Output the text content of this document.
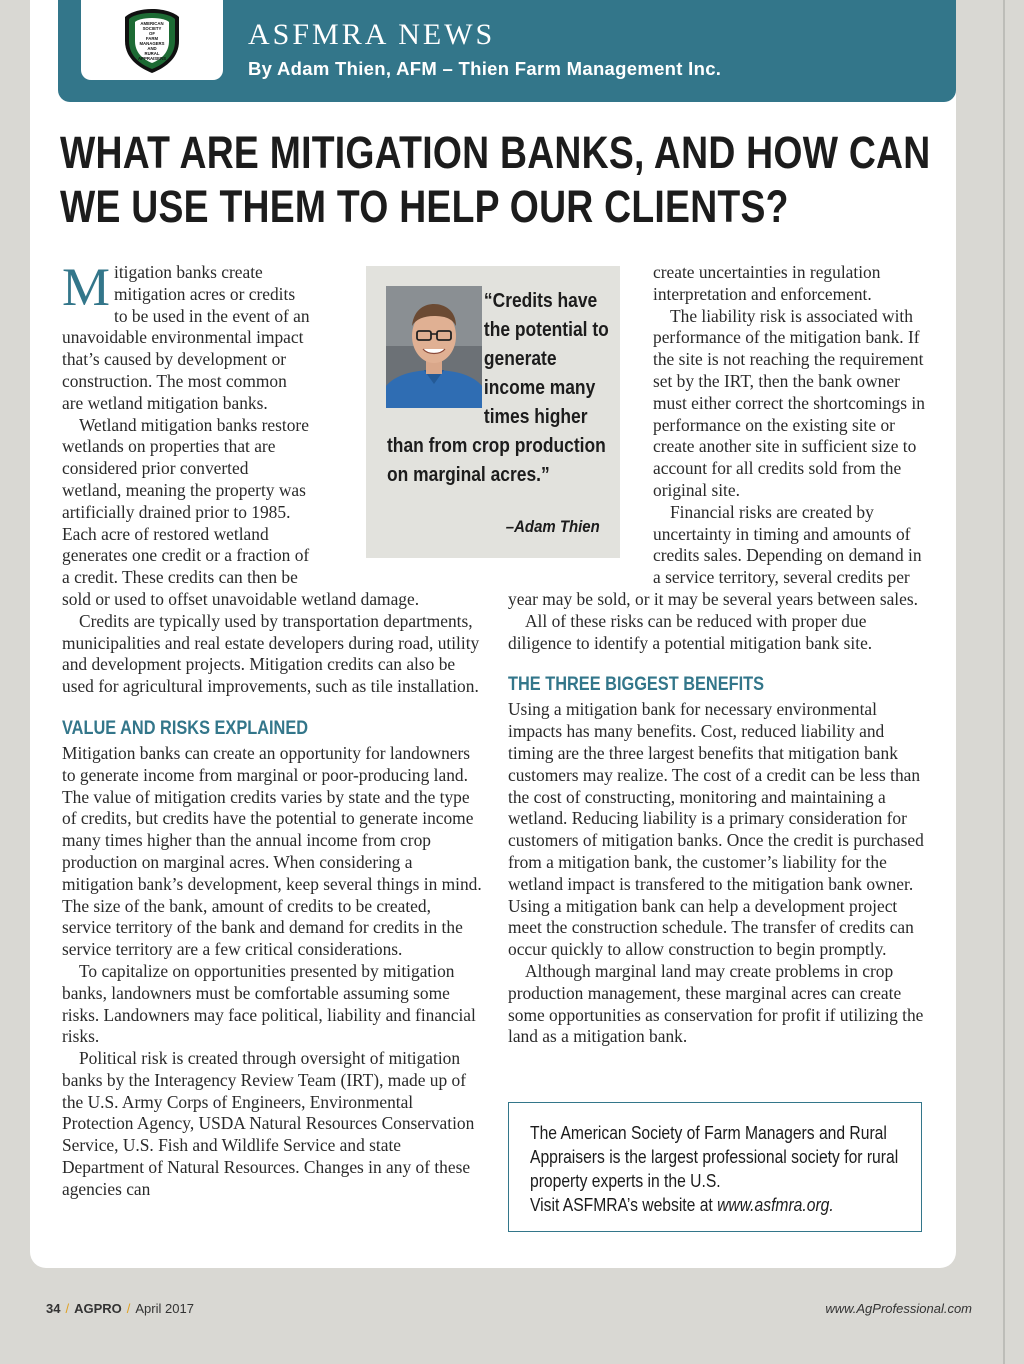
AMERICAN
SOCIETY
OF
FARM
MANAGERS
AND
RURAL
APPRAISERS
ASFMRA NEWS
By Adam Thien, AFM – Thien Farm Management Inc.
WHAT ARE MITIGATION BANKS, AND HOW CAN WE USE THEM TO HELP OUR CLIENTS?

Mitigation banks create mitigation acres or credits to be used in the event of an unavoidable environmental impact that’s caused by development or construction. The most common are wetland mitigation banks.

Wetland mitigation banks restore wetlands on properties that are considered prior converted wetland, meaning the property was artificially drained prior to 1985. Each acre of restored wetland generates one credit or a fraction of a credit. These credits can then be sold or used to offset unavoidable wetland damage.

Credits are typically used by transportation departments, municipalities and real estate developers during road, utility and development projects. Mitigation credits can also be used for agricultural improvements, such as tile installation.

VALUE AND RISKS EXPLAINED

Mitigation banks can create an opportunity for landowners to generate income from marginal or poor-producing land. The value of mitigation credits varies by state and the type of credits, but credits have the potential to generate income many times higher than the annual income from crop production on marginal acres. When considering a mitigation bank’s development, keep several things in mind. The size of the bank, amount of credits to be created, service territory of the bank and demand for credits in the service territory are a few critical considerations.

To capitalize on opportunities presented by mitigation banks, landowners must be comfortable assuming some risks. Landowners may face political, liability and financial risks.

Political risk is created through oversight of mitigation banks by the Interagency Review Team (IRT), made up of the U.S. Army Corps of Engineers, Environmental Protection Agency, USDA Natural Resources Conservation Service, U.S. Fish and Wildlife Service and state Department of Natural Resources. Changes in any of these agencies can

create uncertainties in regulation interpretation and enforcement.

The liability risk is associated with performance of the mitigation bank. If the site is not reaching the requirement set by the IRT, then the bank owner must either correct the shortcomings in performance on the existing site or create another site in sufficient size to account for all credits sold from the original site.

Financial risks are created by uncertainty in timing and amounts of credits sales. Depending on demand in a service territory, several credits per year may be sold, or it may be several years between sales.

All of these risks can be reduced with proper due diligence to identify a potential mitigation bank site.

THE THREE BIGGEST BENEFITS

Using a mitigation bank for necessary environmental impacts has many benefits. Cost, reduced liability and timing are the three largest benefits that mitigation bank customers may realize. The cost of a credit can be less than the cost of constructing, monitoring and maintaining a wetland. Reducing liability is a primary consideration for customers of mitigation banks. Once the credit is purchased from a mitigation bank, the customer’s liability for the wetland impact is transfered to the mitigation bank owner. Using a mitigation bank can help a development project meet the construction schedule. The transfer of credits can occur quickly to allow construction to begin promptly.

Although marginal land may create problems in crop production management, these marginal acres can create some opportunities as conservation for profit if utilizing the land as a mitigation bank.

“Credits have the potential to generate income many times higher than from crop production on marginal acres.”
–Adam Thien

The American Society of Farm Managers and Rural Appraisers is the largest professional society for rural property experts in the U.S.

Visit ASFMRA’s website at www.asfmra.org.

34 / AGPRO / April 2017	www.AgProfessional.com
